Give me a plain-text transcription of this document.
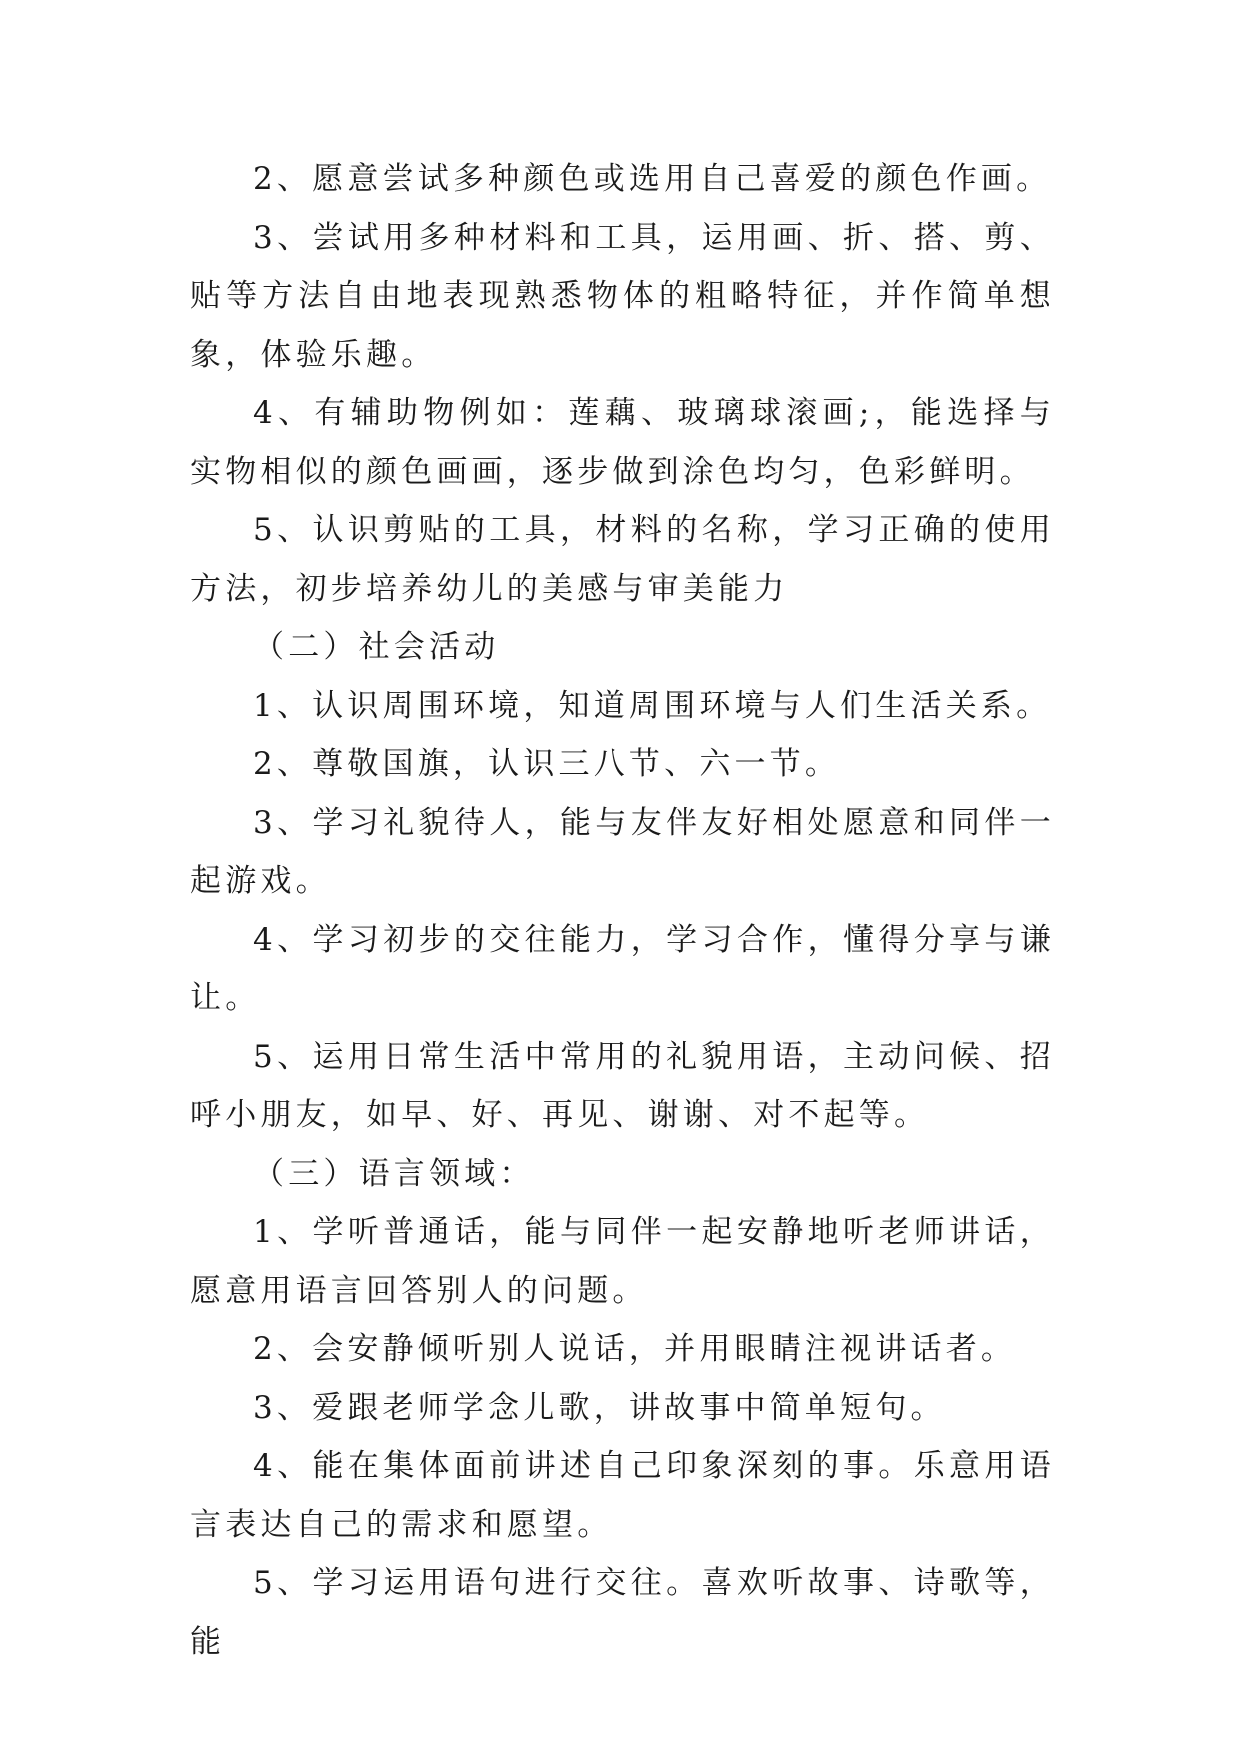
2、愿意尝试多种颜色或选用自己喜爱的颜色作画。

3、尝试用多种材料和工具，运用画、折、搭、剪、贴等方法自由地表现熟悉物体的粗略特征，并作简单想象，体验乐趣。

4、有辅助物例如：莲藕、玻璃球滚画;，能选择与实物相似的颜色画画，逐步做到涂色均匀，色彩鲜明。

5、认识剪贴的工具，材料的名称，学习正确的使用方法，初步培养幼儿的美感与审美能力

（二）社会活动

1、认识周围环境，知道周围环境与人们生活关系。

2、尊敬国旗，认识三八节、六一节。

3、学习礼貌待人，能与友伴友好相处愿意和同伴一起游戏。

4、学习初步的交往能力，学习合作，懂得分享与谦让。

5、运用日常生活中常用的礼貌用语，主动问候、招呼小朋友，如早、好、再见、谢谢、对不起等。

（三）语言领域：

1、学听普通话，能与同伴一起安静地听老师讲话，愿意用语言回答别人的问题。

2、会安静倾听别人说话，并用眼睛注视讲话者。

3、爱跟老师学念儿歌，讲故事中简单短句。

4、能在集体面前讲述自己印象深刻的事。乐意用语言表达自己的需求和愿望。

5、学习运用语句进行交往。喜欢听故事、诗歌等，能
